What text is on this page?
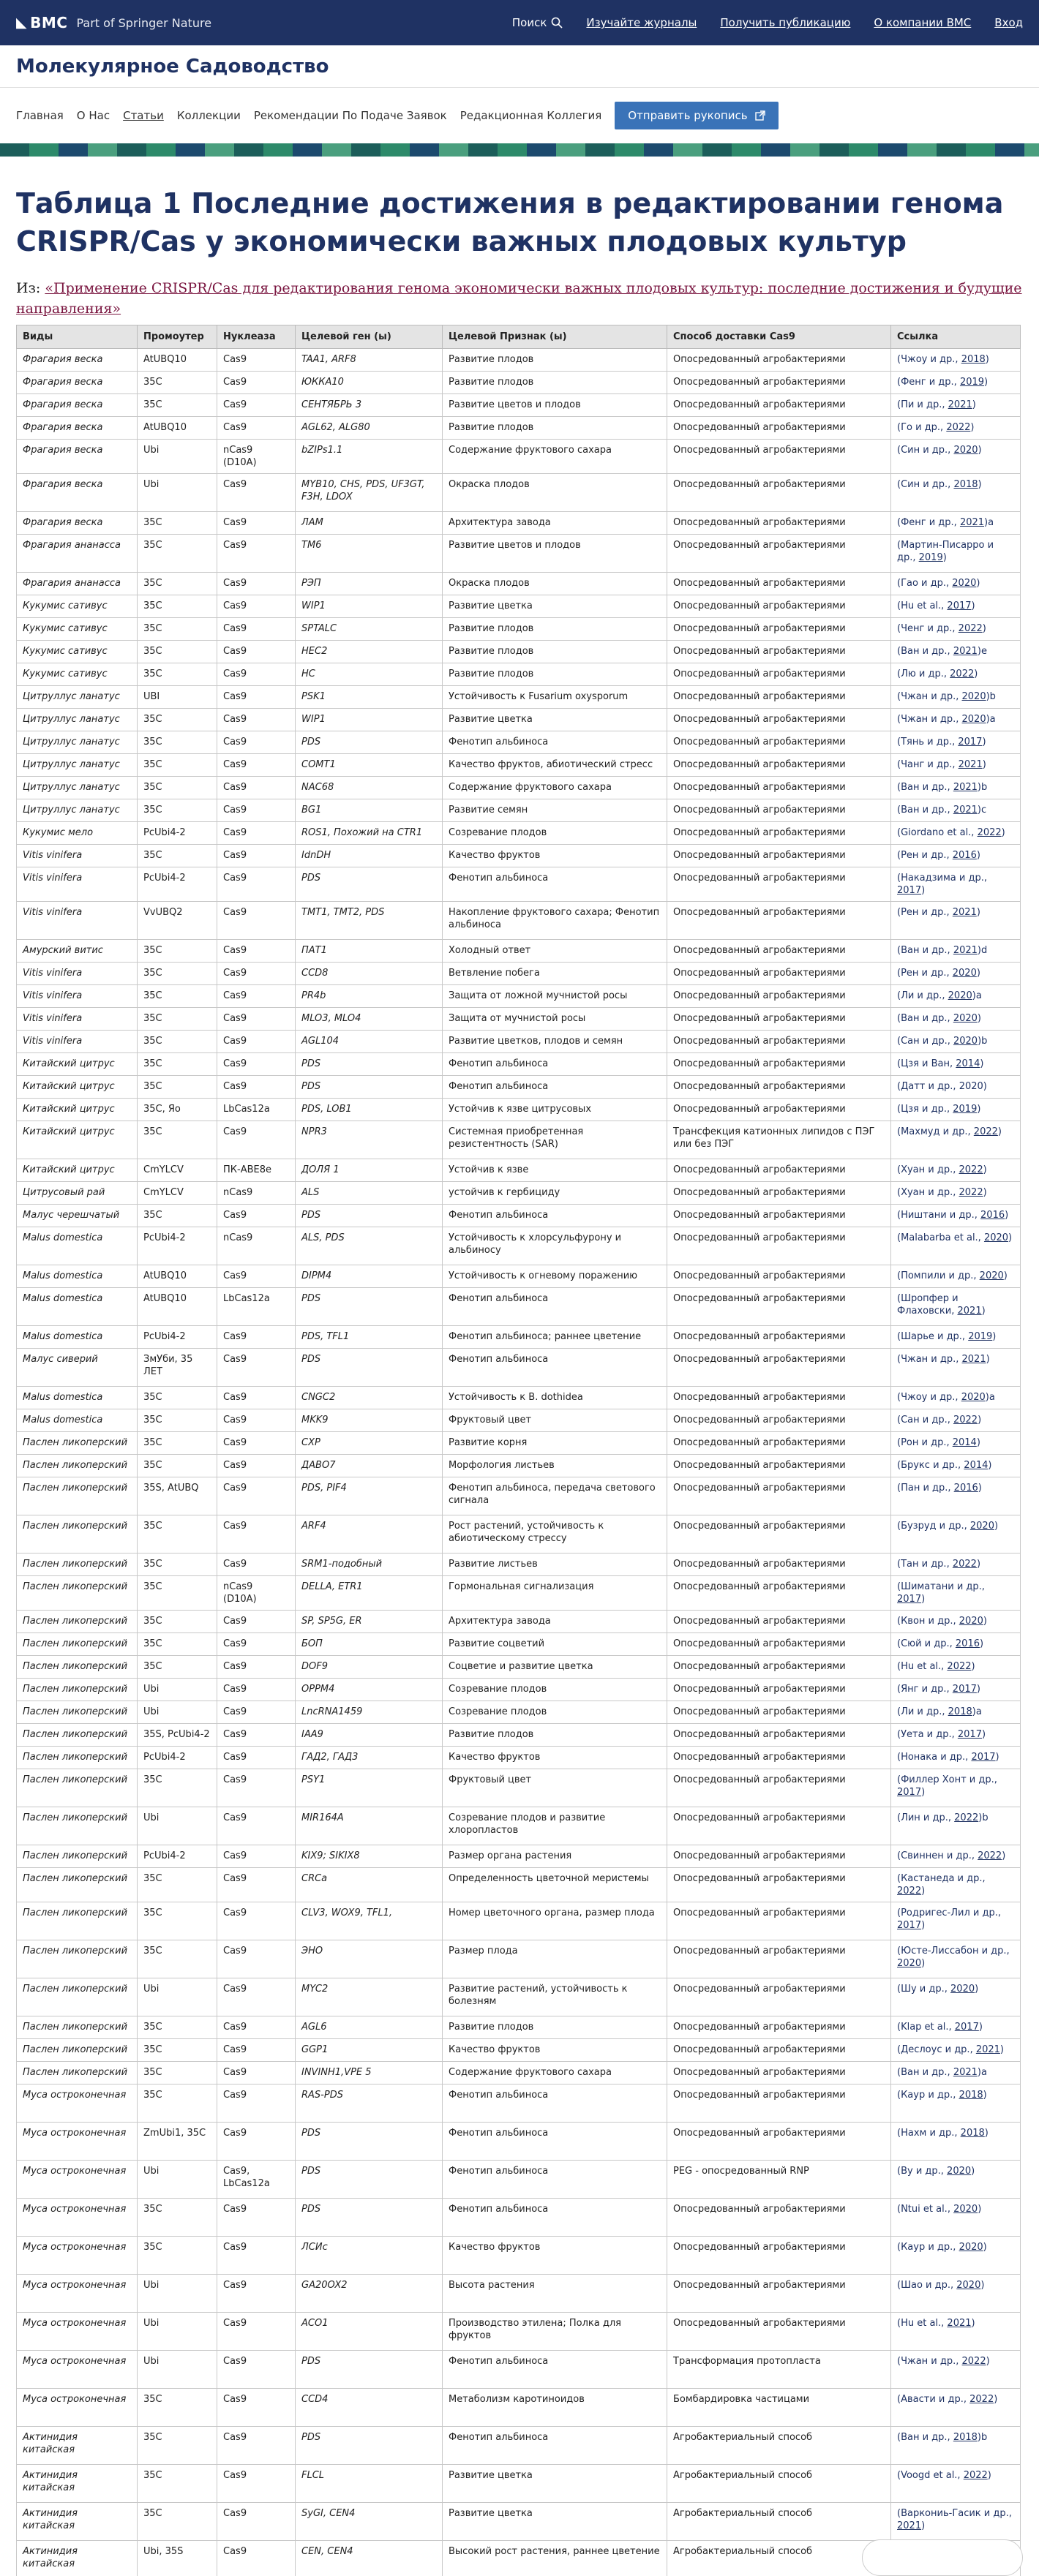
◣ BMC Part of Springer Nature	Поиск	Изучайте журналы Получить публикацию О компании BMC Вход
Молекулярное Садоводство
Главная О Нас Статьи Коллекции Рекомендации По Подаче Заявок Редакционная Коллегия Отправить рукопись
Таблица 1 Последние достижения в редактировании генома CRISPR/Cas у экономически важных плодовых культур

Из: «Применение CRISPR/Cas для редактирования генома экономически важных плодовых культур: последние достижения и будущие направления»

Виды	Промоутер	Нуклеаза	Целевой ген (ы)	Целевой Признак (ы)	Способ доставки Cas9	Ссылка
Фрагария веска	AtUBQ10	Cas9	TAA1, ARF8	Развитие плодов	Опосредованный агробактериями	(Чжоу и др., 2018)
Фрагария веска	35C	Cas9	ЮККА10	Развитие плодов	Опосредованный агробактериями	(Фенг и др., 2019)
Фрагария веска	35C	Cas9	СЕНТЯБРЬ 3	Развитие цветов и плодов	Опосредованный агробактериями	(Пи и др., 2021)
Фрагария веска	AtUBQ10	Cas9	AGL62, ALG80	Развитие плодов	Опосредованный агробактериями	(Го и др., 2022)
Фрагария веска	Ubi	nCas9 (D10A)	bZIPs1.1	Содержание фруктового сахара	Опосредованный агробактериями	(Син и др., 2020)
Фрагария веска	Ubi	Cas9	MYB10, CHS, PDS, UF3GT, F3H, LDOX	Окраска плодов	Опосредованный агробактериями	(Син и др., 2018)
Фрагария веска	35C	Cas9	ЛАМ	Архитектура завода	Опосредованный агробактериями	(Фенг и др., 2021)а
Фрагария ананасса	35C	Cas9	TM6	Развитие цветов и плодов	Опосредованный агробактериями	(Мартин-Писарро и др., 2019)
Фрагария ананасса	35C	Cas9	РЭП	Окраска плодов	Опосредованный агробактериями	(Гао и др., 2020)
Кукумис сативус	35C	Cas9	WIP1	Развитие цветка	Опосредованный агробактериями	(Hu et al., 2017)
Кукумис сативус	35C	Cas9	SPTALC	Развитие плодов	Опосредованный агробактериями	(Ченг и др., 2022)
Кукумис сативус	35C	Cas9	HEC2	Развитие плодов	Опосредованный агробактериями	(Ван и др., 2021)е
Кукумис сативус	35C	Cas9	HC	Развитие плодов	Опосредованный агробактериями	(Лю и др., 2022)
Цитруллус ланатус	UBI	Cas9	PSK1	Устойчивость к Fusarium oxysporum	Опосредованный агробактериями	(Чжан и др., 2020)b
Цитруллус ланатус	35C	Cas9	WIP1	Развитие цветка	Опосредованный агробактериями	(Чжан и др., 2020)а
Цитруллус ланатус	35C	Cas9	PDS	Фенотип альбиноса	Опосредованный агробактериями	(Тянь и др., 2017)
Цитруллус ланатус	35C	Cas9	COMT1	Качество фруктов, абиотический стресс	Опосредованный агробактериями	(Чанг и др., 2021)
Цитруллус ланатус	35C	Cas9	NAC68	Содержание фруктового сахара	Опосредованный агробактериями	(Ван и др., 2021)b
Цитруллус ланатус	35C	Cas9	BG1	Развитие семян	Опосредованный агробактериями	(Ван и др., 2021)c
Кукумис мело	PcUbi4-2	Cas9	ROS1, Похожий на CTR1	Созревание плодов	Опосредованный агробактериями	(Giordano et al., 2022)
Vitis vinifera	35C	Cas9	IdnDH	Качество фруктов	Опосредованный агробактериями	(Рен и др., 2016)
Vitis vinifera	PcUbi4-2	Cas9	PDS	Фенотип альбиноса	Опосредованный агробактериями	(Накадзима и др., 2017)
Vitis vinifera	VvUBQ2	Cas9	TMT1, TMT2, PDS	Накопление фруктового сахара; Фенотип альбиноса	Опосредованный агробактериями	(Рен и др., 2021)
Амурский витис	35C	Cas9	ПАТ1	Холодный ответ	Опосредованный агробактериями	(Ван и др., 2021)d
Vitis vinifera	35C	Cas9	CCD8	Ветвление побега	Опосредованный агробактериями	(Рен и др., 2020)
Vitis vinifera	35C	Cas9	PR4b	Защита от ложной мучнистой росы	Опосредованный агробактериями	(Ли и др., 2020)а
Vitis vinifera	35C	Cas9	MLO3, MLO4	Защита от мучнистой росы	Опосредованный агробактериями	(Ван и др., 2020)
Vitis vinifera	35C	Cas9	AGL104	Развитие цветков, плодов и семян	Опосредованный агробактериями	(Сан и др., 2020)b
Китайский цитрус	35C	Cas9	PDS	Фенотип альбиноса	Опосредованный агробактериями	(Цзя и Ван, 2014)
Китайский цитрус	35C	Cas9	PDS	Фенотип альбиноса	Опосредованный агробактериями	(Датт и др., 2020)
Китайский цитрус	35C, Яо	LbCas12a	PDS, LOB1	Устойчив к язве цитрусовых	Опосредованный агробактериями	(Цзя и др., 2019)
Китайский цитрус	35C	Cas9	NPR3	Системная приобретенная резистентность (SAR)	Трансфекция катионных липидов с ПЭГ или без ПЭГ	(Махмуд и др., 2022)
Китайский цитрус	CmYLCV	ПК-ABE8e	ДОЛЯ 1	Устойчив к язве	Опосредованный агробактериями	(Хуан и др., 2022)
Цитрусовый рай	CmYLCV	nCas9	ALS	устойчив к гербициду	Опосредованный агробактериями	(Хуан и др., 2022)
Малус черешчатый	35C	Cas9	PDS	Фенотип альбиноса	Опосредованный агробактериями	(Ништани и др., 2016)
Malus domestica	PcUbi4-2	nCas9	ALS, PDS	Устойчивость к хлорсульфурону и альбиносу	Опосредованный агробактериями	(Malabarba et al., 2020)
Malus domestica	AtUBQ10	Cas9	DIPM4	Устойчивость к огневому поражению	Опосредованный агробактериями	(Помпили и др., 2020)
Malus domestica	AtUBQ10	LbCas12a	PDS	Фенотип альбиноса	Опосредованный агробактериями	(Шропфер и Флаховски, 2021)
Malus domestica	PcUbi4-2	Cas9	PDS, TFL1	Фенотип альбиноса; раннее цветение	Опосредованный агробактериями	(Шарье и др., 2019)
Малус сиверий	ЗмУби, 35 ЛЕТ	Cas9	PDS	Фенотип альбиноса	Опосредованный агробактериями	(Чжан и др., 2021)
Malus domestica	35C	Cas9	CNGC2	Устойчивость к B. dothidea	Опосредованный агробактериями	(Чжоу и др., 2020)а
Malus domestica	35C	Cas9	MKK9	Фруктовый цвет	Опосредованный агробактериями	(Сан и др., 2022)
Паслен ликоперский	35C	Cas9	CXP	Развитие корня	Опосредованный агробактериями	(Рон и др., 2014)
Паслен ликоперский	35C	Cas9	ДАВО7	Морфология листьев	Опосредованный агробактериями	(Брукс и др., 2014)
Паслен ликоперский	35S, AtUBQ	Cas9	PDS, PIF4	Фенотип альбиноса, передача светового сигнала	Опосредованный агробактериями	(Пан и др., 2016)
Паслен ликоперский	35C	Cas9	ARF4	Рост растений, устойчивость к абиотическому стрессу	Опосредованный агробактериями	(Бузруд и др., 2020)
Паслен ликоперский	35C	Cas9	SRM1-подобный	Развитие листьев	Опосредованный агробактериями	(Тан и др., 2022)
Паслен ликоперский	35C	nCas9 (D10A)	DELLA, ETR1	Гормональная сигнализация	Опосредованный агробактериями	(Шиматани и др., 2017)
Паслен ликоперский	35C	Cas9	SP, SP5G, ER	Архитектура завода	Опосредованный агробактериями	(Квон и др., 2020)
Паслен ликоперский	35C	Cas9	БОП	Развитие соцветий	Опосредованный агробактериями	(Сюй и др., 2016)
Паслен ликоперский	35C	Cas9	DOF9	Соцветие и развитие цветка	Опосредованный агробактериями	(Hu et al., 2022)
Паслен ликоперский	Ubi	Cas9	OPPM4	Созревание плодов	Опосредованный агробактериями	(Янг и др., 2017)
Паслен ликоперский	Ubi	Cas9	LncRNA1459	Созревание плодов	Опосредованный агробактериями	(Ли и др., 2018)а
Паслен ликоперский	35S, PcUbi4-2	Cas9	IAA9	Развитие плодов	Опосредованный агробактериями	(Уета и др., 2017)
Паслен ликоперский	PcUbi4-2	Cas9	ГАД2, ГАД3	Качество фруктов	Опосредованный агробактериями	(Нонака и др., 2017)
Паслен ликоперский	35C	Cas9	PSY1	Фруктовый цвет	Опосредованный агробактериями	(Филлер Хонт и др., 2017)
Паслен ликоперский	Ubi	Cas9	MIR164A	Созревание плодов и развитие хлоропластов	Опосредованный агробактериями	(Лин и др., 2022)b
Паслен ликоперский	PcUbi4-2	Cas9	KIX9; SIKIX8	Размер органа растения	Опосредованный агробактериями	(Свиннен и др., 2022)
Паслен ликоперский	35C	Cas9	CRCa	Определенность цветочной меристемы	Опосредованный агробактериями	(Кастанеда и др., 2022)
Паслен ликоперский	35C	Cas9	CLV3, WOX9, TFL1,	Номер цветочного органа, размер плода	Опосредованный агробактериями	(Родригес-Лил и др., 2017)
Паслен ликоперский	35C	Cas9	ЭНО	Размер плода	Опосредованный агробактериями	(Юсте-Лиссабон и др., 2020)
Паслен ликоперский	Ubi	Cas9	MYC2	Развитие растений, устойчивость к болезням	Опосредованный агробактериями	(Шу и др., 2020)
Паслен ликоперский	35C	Cas9	AGL6	Развитие плодов	Опосредованный агробактериями	(Klap et al., 2017)
Паслен ликоперский	35C	Cas9	GGP1	Качество фруктов	Опосредованный агробактериями	(Деслоус и др., 2021)
Паслен ликоперский	35C	Cas9	INVINH1,VPE 5	Содержание фруктового сахара	Опосредованный агробактериями	(Ван и др., 2021)а
Муса остроконечная	35C	Cas9	RAS-PDS	Фенотип альбиноса	Опосредованный агробактериями	(Каур и др., 2018)
Муса остроконечная	ZmUbi1, 35C	Cas9	PDS	Фенотип альбиноса	Опосредованный агробактериями	(Нахм и др., 2018)
Муса остроконечная	Ubi	Cas9, LbCas12a	PDS	Фенотип альбиноса	PEG - опосредованный RNP	(Ву и др., 2020)
Муса остроконечная	35C	Cas9	PDS	Фенотип альбиноса	Опосредованный агробактериями	(Ntui et al., 2020)
Муса остроконечная	35C	Cas9	ЛСИс	Качество фруктов	Опосредованный агробактериями	(Каур и др., 2020)
Муса остроконечная	Ubi	Cas9	GA20OX2	Высота растения	Опосредованный агробактериями	(Шао и др., 2020)
Муса остроконечная	Ubi	Cas9	ACO1	Производство этилена; Полка для фруктов	Опосредованный агробактериями	(Hu et al., 2021)
Муса остроконечная	Ubi	Cas9	PDS	Фенотип альбиноса	Трансформация протопласта	(Чжан и др., 2022)
Муса остроконечная	35C	Cas9	CCD4	Метаболизм каротиноидов	Бомбардировка частицами	(Авасти и др., 2022)
Актинидия китайская	35C	Cas9	PDS	Фенотип альбиноса	Агробактериальный способ	(Ван и др., 2018)b
Актинидия китайская	35C	Cas9	FLCL	Развитие цветка	Агробактериальный способ	(Voogd et al., 2022)
Актинидия китайская	35C	Cas9	SyGI, CEN4	Развитие цветка	Агробактериальный способ	(Варкониь-Гасик и др., 2021)
Актинидия китайская	Ubi, 35S	Cas9	CEN, CEN4	Высокий рост растения, раннее цветение	Агробактериальный способ	
